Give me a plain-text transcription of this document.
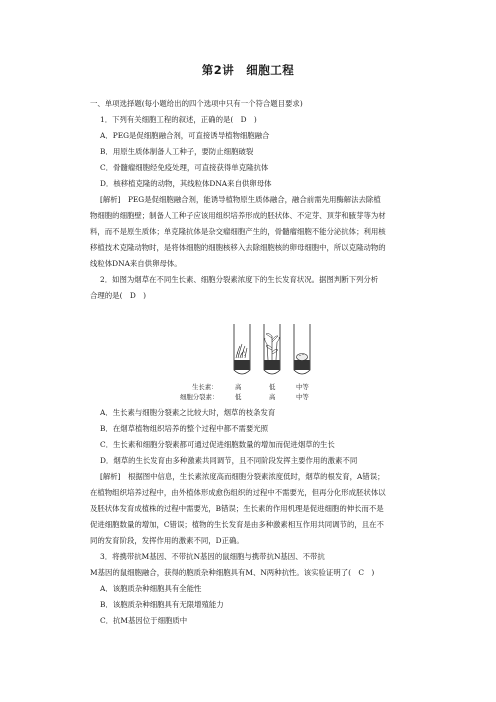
第2讲　细胞工程
一、单项选择题(每小题给出的四个选项中只有一个符合题目要求)
1．下列有关细胞工程的叙述，正确的是(　D　)
A．PEG是促细胞融合剂，可直接诱导植物细胞融合
B．用原生质体制备人工种子，要防止细胞破裂
C．骨髓瘤细胞经免疫处理，可直接获得单克隆抗体
D．核移植克隆的动物，其线粒体DNA来自供卵母体
[解析]　PEG是促细胞融合剂，能诱导植物原生质体融合，融合前需先用酶解法去除植
物细胞的细胞壁；制备人工种子应该用组织培养形成的胚状体、不定芽、顶芽和腋芽等为材
料，而不是原生质体；单克隆抗体是杂交瘤细胞产生的，骨髓瘤细胞不能分泌抗体；利用核
移植技术克隆动物时，是将体细胞的细胞核移入去除细胞核的卵母细胞中，所以克隆动物的
线粒体DNA来自供卵母体。
2．如图为烟草在不同生长素、细胞分裂素浓度下的生长发育状况。据图判断下列分析
合理的是(　D　)
生长素：	高	低	中等
细胞分裂素：	低	高	中等
A．生长素与细胞分裂素之比较大时，烟草的枝条发育
B．在烟草植物组织培养的整个过程中都不需要光照
C．生长素和细胞分裂素都可通过促进细胞数量的增加而促进烟草的生长
D．烟草的生长发育由多种激素共同调节，且不同阶段发挥主要作用的激素不同
[解析]　根据图中信息，生长素浓度高而细胞分裂素浓度低时，烟草的根发育，A错误；
在植物组织培养过程中，由外植体形成愈伤组织的过程中不需要光，但再分化形成胚状体以
及胚状体发育成植株的过程中需要光，B错误；生长素的作用机理是促进细胞的伸长而不是
促进细胞数量的增加，C错误；植物的生长发育是由多种激素相互作用共同调节的，且在不
同的发育阶段，发挥作用的激素不同，D正确。
3．将携带抗M基因、不带抗N基因的鼠细胞与携带抗N基因、不带抗
M基因的鼠细胞融合，获得的胞质杂种细胞具有M、N两种抗性。该实验证明了(　C　)
A．该胞质杂种细胞具有全能性
B．该胞质杂种细胞具有无限增殖能力
C．抗M基因位于细胞质中
